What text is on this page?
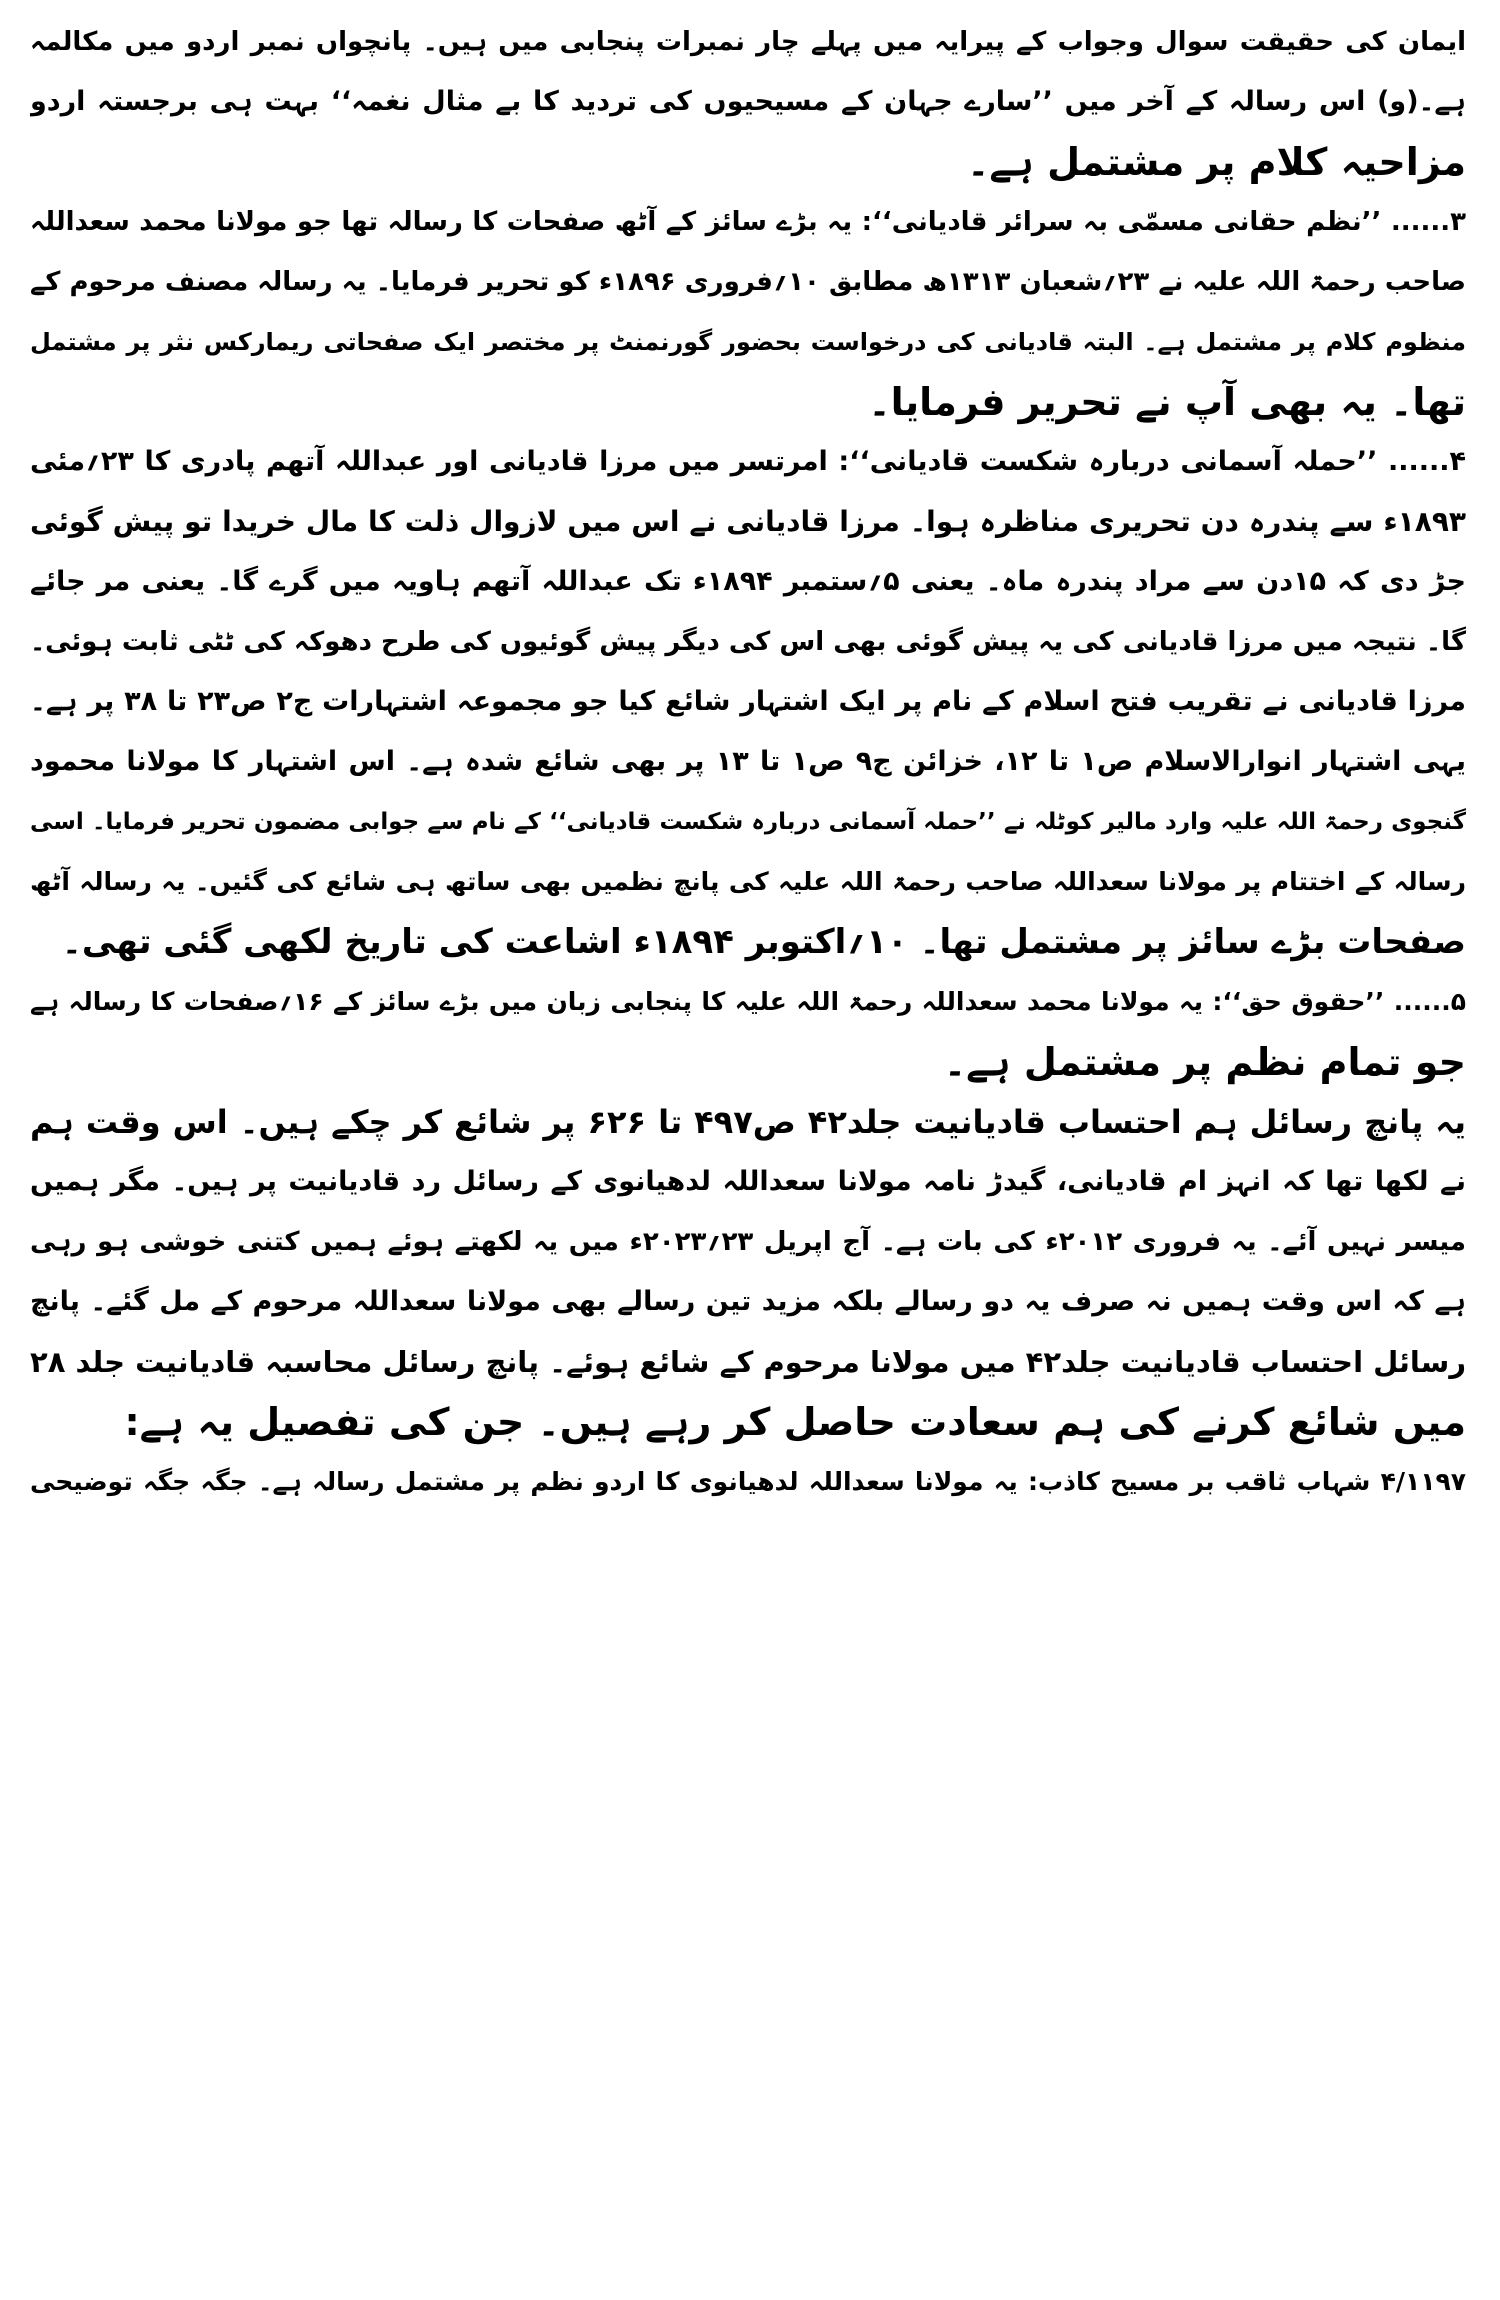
ایمان کی حقیقت سوال وجواب کے پیرایہ میں پہلے چار نمبرات پنجابی میں ہیں۔ پانچواں نمبر اردو میں مکالمہ
ہے۔(و) اس رسالہ کے آخر میں ’’سارے جہان کے مسیحیوں کی تردید کا بے مثال نغمہ‘‘ بہت ہی برجستہ اردو
مزاحیہ کلام پر مشتمل ہے۔
۳...... ’’نظم حقانی مسمّی بہ سرائر قادیانی‘‘: یہ بڑے سائز کے آٹھ صفحات کا رسالہ تھا جو مولانا محمد سعداللہ
صاحب رحمۃ اللہ علیہ نے ۲۳؍شعبان ۱۳۱۳ھ مطابق ۱۰؍فروری ۱۸۹۶ء کو تحریر فرمایا۔ یہ رسالہ مصنف مرحوم کے
منظوم کلام پر مشتمل ہے۔ البتہ قادیانی کی درخواست بحضور گورنمنٹ پر مختصر ایک صفحاتی ریمارکس نثر پر مشتمل
تھا۔ یہ بھی آپ نے تحریر فرمایا۔
۴...... ’’حملہ آسمانی دربارہ شکست قادیانی‘‘: امرتسر میں مرزا قادیانی اور عبداللہ آتھم پادری کا ۲۳؍مئی
۱۸۹۳ء سے پندرہ دن تحریری مناظرہ ہوا۔ مرزا قادیانی نے اس میں لازوال ذلت کا مال خریدا تو پیش گوئی
جڑ دی کہ ۱۵دن سے مراد پندرہ ماہ۔ یعنی ۵؍ستمبر ۱۸۹۴ء تک عبداللہ آتھم ہاویہ میں گرے گا۔ یعنی مر جائے
گا۔ نتیجہ میں مرزا قادیانی کی یہ پیش گوئی بھی اس کی دیگر پیش گوئیوں کی طرح دھوکہ کی ٹٹی ثابت ہوئی۔
مرزا قادیانی نے تقریب فتح اسلام کے نام پر ایک اشتہار شائع کیا جو مجموعہ اشتہارات ج۲ ص۲۳ تا ۳۸ پر ہے۔
یہی اشتہار انوارالاسلام ص۱ تا ۱۲، خزائن ج۹ ص۱ تا ۱۳ پر بھی شائع شدہ ہے۔ اس اشتہار کا مولانا محمود
گنجوی رحمۃ اللہ علیہ وارد مالیر کوٹلہ نے ’’حملہ آسمانی دربارہ شکست قادیانی‘‘ کے نام سے جوابی مضمون تحریر فرمایا۔ اسی
رسالہ کے اختتام پر مولانا سعداللہ صاحب رحمۃ اللہ علیہ کی پانچ نظمیں بھی ساتھ ہی شائع کی گئیں۔ یہ رسالہ آٹھ
صفحات بڑے سائز پر مشتمل تھا۔ ۱۰؍اکتوبر ۱۸۹۴ء اشاعت کی تاریخ لکھی گئی تھی۔
۵...... ’’حقوق حق‘‘: یہ مولانا محمد سعداللہ رحمۃ اللہ علیہ کا پنجابی زبان میں بڑے سائز کے ۱۶؍صفحات کا رسالہ ہے
جو تمام نظم پر مشتمل ہے۔
یہ پانچ رسائل ہم احتساب قادیانیت جلد۴۲ ص۴۹۷ تا ۶۲۶ پر شائع کر چکے ہیں۔ اس وقت ہم
نے لکھا تھا کہ انہز ام قادیانی، گیدڑ نامہ مولانا سعداللہ لدھیانوی کے رسائل رد قادیانیت پر ہیں۔ مگر ہمیں
میسر نہیں آئے۔ یہ فروری ۲۰۱۲ء کی بات ہے۔ آج اپریل ۲۳؍۲۰۲۳ء میں یہ لکھتے ہوئے ہمیں کتنی خوشی ہو رہی
ہے کہ اس وقت ہمیں نہ صرف یہ دو رسالے بلکہ مزید تین رسالے بھی مولانا سعداللہ مرحوم کے مل گئے۔ پانچ
رسائل احتساب قادیانیت جلد۴۲ میں مولانا مرحوم کے شائع ہوئے۔ پانچ رسائل محاسبہ قادیانیت جلد ۲۸
میں شائع کرنے کی ہم سعادت حاصل کر رہے ہیں۔ جن کی تفصیل یہ ہے:
۴/۱۱۹۷ شہاب ثاقب بر مسیح کاذب: یہ مولانا سعداللہ لدھیانوی کا اردو نظم پر مشتمل رسالہ ہے۔ جگہ جگہ توضیحی
